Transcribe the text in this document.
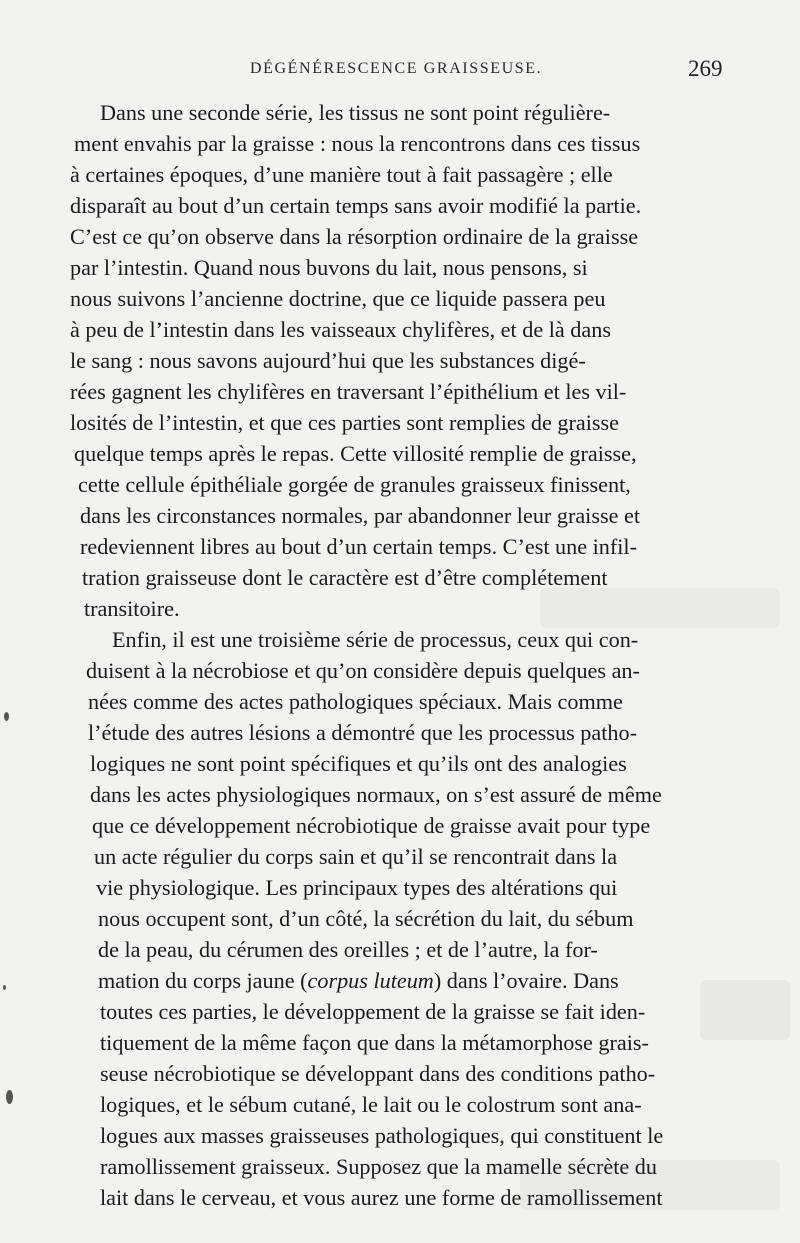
DÉGÉNÉRESCENCE GRAISSEUSE.	269
Dans une seconde série, les tissus ne sont point régulière-
ment envahis par la graisse : nous la rencontrons dans ces tissus
à certaines époques, d’une manière tout à fait passagère ; elle
disparaît au bout d’un certain temps sans avoir modifié la partie.
C’est ce qu’on observe dans la résorption ordinaire de la graisse
par l’intestin. Quand nous buvons du lait, nous pensons, si
nous suivons l’ancienne doctrine, que ce liquide passera peu
à peu de l’intestin dans les vaisseaux chylifères, et de là dans
le sang : nous savons aujourd’hui que les substances digé-
rées gagnent les chylifères en traversant l’épithélium et les vil-
losités de l’intestin, et que ces parties sont remplies de graisse
quelque temps après le repas. Cette villosité remplie de graisse,
cette cellule épithéliale gorgée de granules graisseux finissent,
dans les circonstances normales, par abandonner leur graisse et
redeviennent libres au bout d’un certain temps. C’est une infil-
tration graisseuse dont le caractère est d’être complétement
transitoire.
Enfin, il est une troisième série de processus, ceux qui con-
duisent à la nécrobiose et qu’on considère depuis quelques an-
nées comme des actes pathologiques spéciaux. Mais comme
l’étude des autres lésions a démontré que les processus patho-
logiques ne sont point spécifiques et qu’ils ont des analogies
dans les actes physiologiques normaux, on s’est assuré de même
que ce développement nécrobiotique de graisse avait pour type
un acte régulier du corps sain et qu’il se rencontrait dans la
vie physiologique. Les principaux types des altérations qui
nous occupent sont, d’un côté, la sécrétion du lait, du sébum
de la peau, du cérumen des oreilles ; et de l’autre, la for-
mation du corps jaune (corpus luteum) dans l’ovaire. Dans
toutes ces parties, le développement de la graisse se fait iden-
tiquement de la même façon que dans la métamorphose grais-
seuse nécrobiotique se développant dans des conditions patho-
logiques, et le sébum cutané, le lait ou le colostrum sont ana-
logues aux masses graisseuses pathologiques, qui constituent le
ramollissement graisseux. Supposez que la mamelle sécrète du
lait dans le cerveau, et vous aurez une forme de ramollissement
